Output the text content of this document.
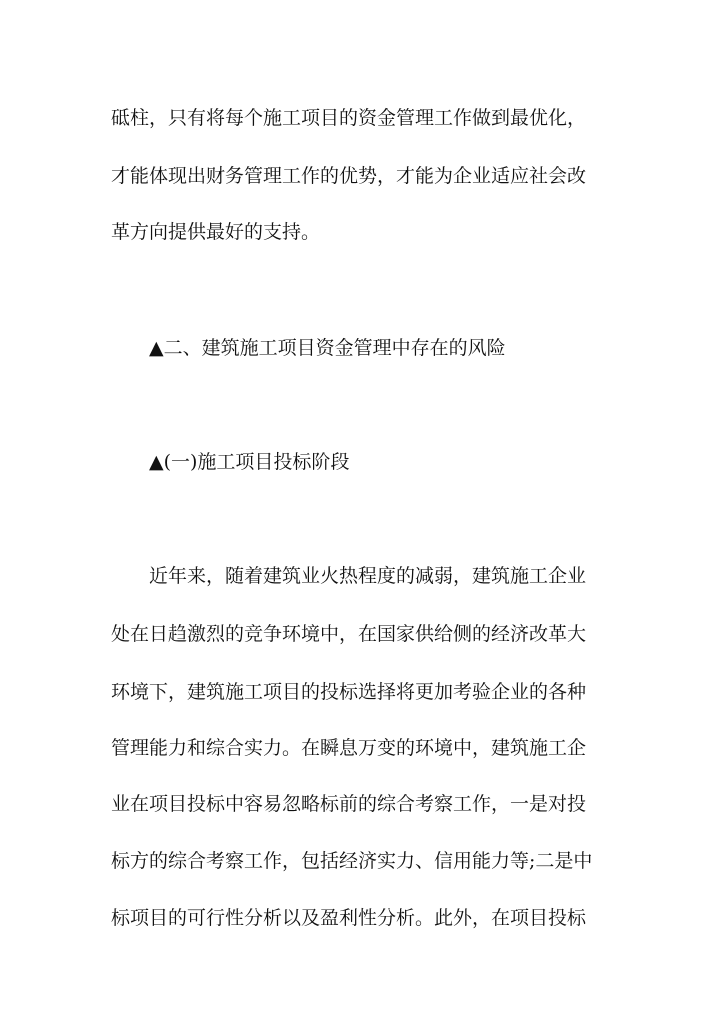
砥柱，只有将每个施工项目的资金管理工作做到最优化，
才能体现出财务管理工作的优势，才能为企业适应社会改
革方向提供最好的支持。
▲二、建筑施工项目资金管理中存在的风险
▲(一)施工项目投标阶段
近年来，随着建筑业火热程度的减弱，建筑施工企业
处在日趋激烈的竞争环境中，在国家供给侧的经济改革大
环境下，建筑施工项目的投标选择将更加考验企业的各种
管理能力和综合实力。在瞬息万变的环境中，建筑施工企
业在项目投标中容易忽略标前的综合考察工作，一是对投
标方的综合考察工作，包括经济实力、信用能力等;二是中
标项目的可行性分析以及盈利性分析。此外，在项目投标
